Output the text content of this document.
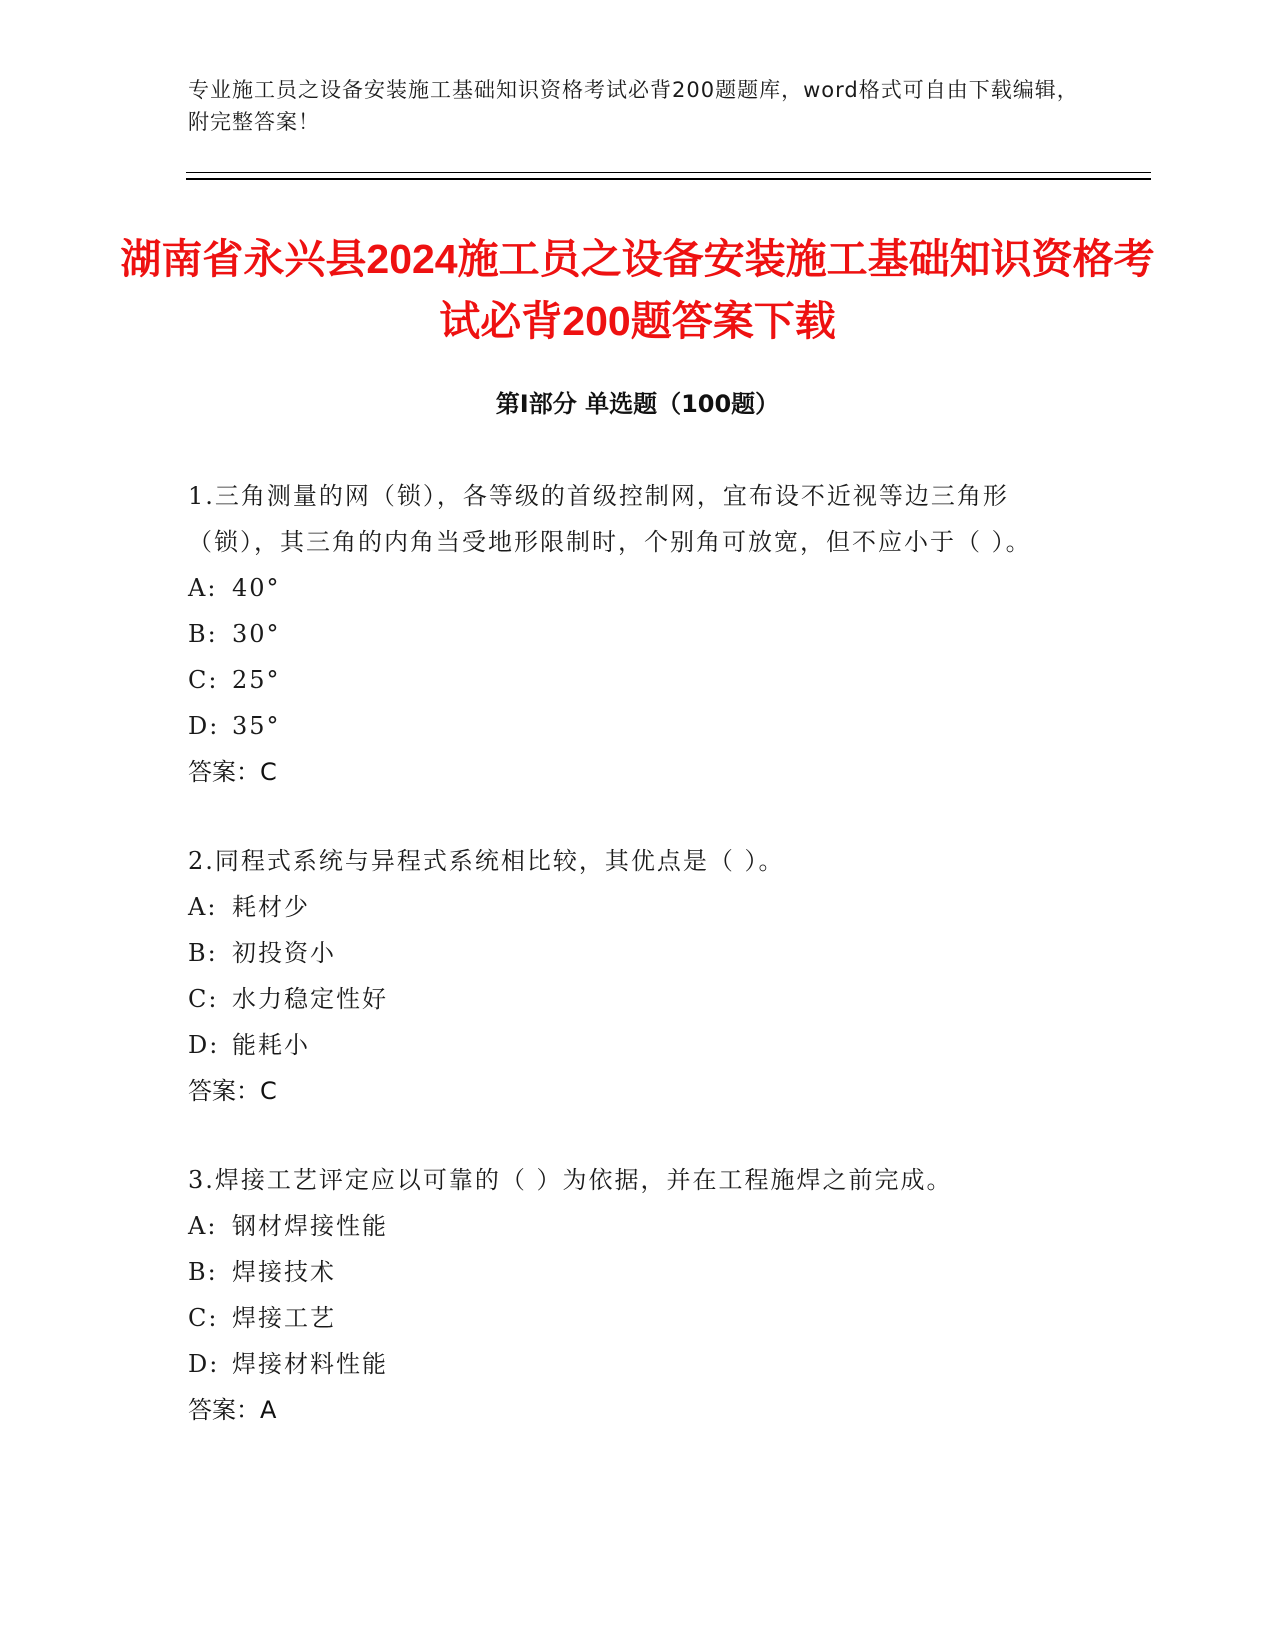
专业施工员之设备安装施工基础知识资格考试必背200题题库，word格式可自由下载编辑，附完整答案！
湖南省永兴县2024施工员之设备安装施工基础知识资格考试必背200题答案下载
第Ⅰ部分 单选题（100题）
1.三角测量的网（锁），各等级的首级控制网，宜布设不近视等边三角形（锁），其三角的内角当受地形限制时，个别角可放宽，但不应小于（ ）。
A: 40°
B: 30°
C: 25°
D: 35°
答案：C
2.同程式系统与异程式系统相比较，其优点是（ ）。
A: 耗材少
B: 初投资小
C: 水力稳定性好
D: 能耗小
答案：C
3.焊接工艺评定应以可靠的（ ）为依据，并在工程施焊之前完成。
A: 钢材焊接性能
B: 焊接技术
C: 焊接工艺
D: 焊接材料性能
答案：A
